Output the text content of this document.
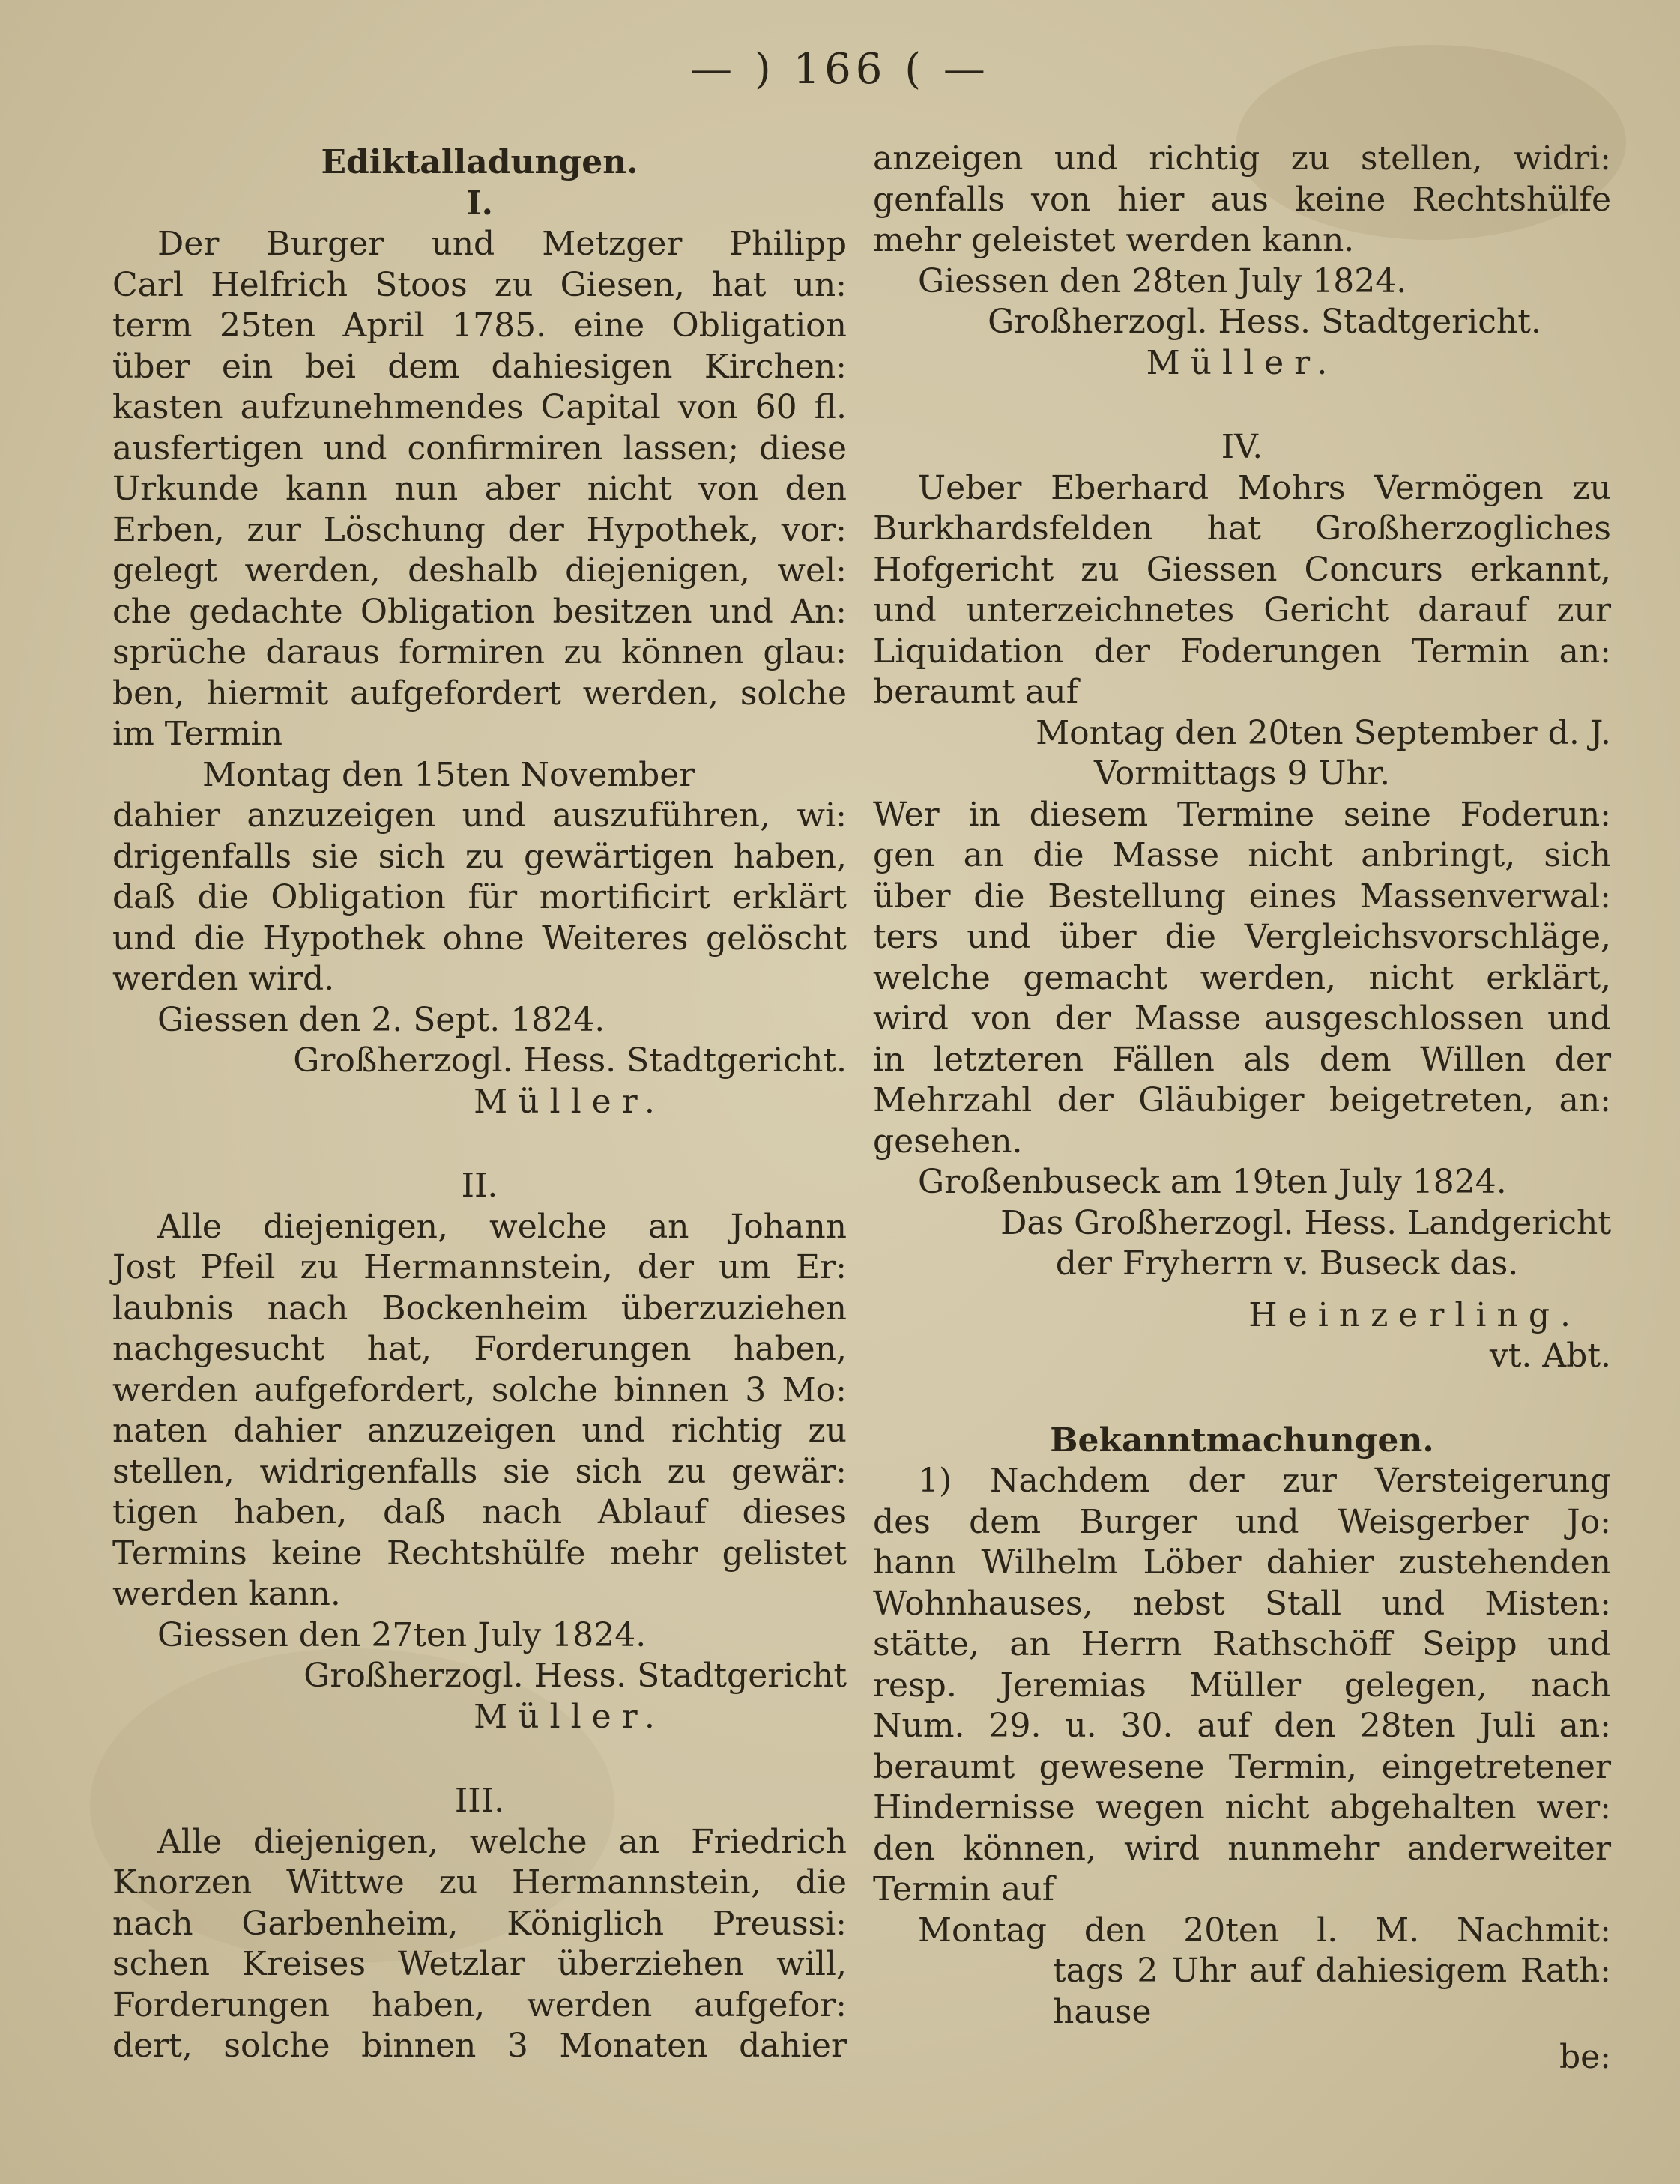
— ) 166 ( —
Ediktalladungen.
I.
Der Burger und Metzger Philipp
Carl Helfrich Stoos zu Giesen, hat un:
term 25ten April 1785. eine Obligation
über ein bei dem dahiesigen Kirchen:
kasten aufzunehmendes Capital von 60 fl.
ausfertigen und confirmiren lassen; diese
Urkunde kann nun aber nicht von den
Erben, zur Löschung der Hypothek, vor:
gelegt werden, deshalb diejenigen, wel:
che gedachte Obligation besitzen und An:
sprüche daraus formiren zu können glau:
ben, hiermit aufgefordert werden, solche
im Termin
Montag den 15ten November
dahier anzuzeigen und auszuführen, wi:
drigenfalls sie sich zu gewärtigen haben,
daß die Obligation für mortificirt erklärt
und die Hypothek ohne Weiteres gelöscht
werden wird.
Giessen den 2. Sept. 1824.
Großherzogl. Hess. Stadtgericht.
Müller.
II.
Alle diejenigen, welche an Johann
Jost Pfeil zu Hermannstein, der um Er:
laubnis nach Bockenheim überzuziehen
nachgesucht hat, Forderungen haben,
werden aufgefordert, solche binnen 3 Mo:
naten dahier anzuzeigen und richtig zu
stellen, widrigenfalls sie sich zu gewär:
tigen haben, daß nach Ablauf dieses
Termins keine Rechtshülfe mehr gelistet
werden kann.
Giessen den 27ten July 1824.
Großherzogl. Hess. Stadtgericht
Müller.
III.
Alle diejenigen, welche an Friedrich
Knorzen Wittwe zu Hermannstein, die
nach Garbenheim, Königlich Preussi:
schen Kreises Wetzlar überziehen will,
Forderungen haben, werden aufgefor:
dert, solche binnen 3 Monaten dahier
anzeigen und richtig zu stellen, widri:
genfalls von hier aus keine Rechtshülfe
mehr geleistet werden kann.
Giessen den 28ten July 1824.
Großherzogl. Hess. Stadtgericht.
Müller.
IV.
Ueber Eberhard Mohrs Vermögen zu
Burkhardsfelden hat Großherzogliches
Hofgericht zu Giessen Concurs erkannt,
und unterzeichnetes Gericht darauf zur
Liquidation der Foderungen Termin an:
beraumt auf
Montag den 20ten September d. J.
Vormittags 9 Uhr.
Wer in diesem Termine seine Foderun:
gen an die Masse nicht anbringt, sich
über die Bestellung eines Massenverwal:
ters und über die Vergleichsvorschläge,
welche gemacht werden, nicht erklärt,
wird von der Masse ausgeschlossen und
in letzteren Fällen als dem Willen der
Mehrzahl der Gläubiger beigetreten, an:
gesehen.
Großenbuseck am 19ten July 1824.
Das Großherzogl. Hess. Landgericht
der Fryherrn v. Buseck das.
Heinzerling.
vt. Abt.
Bekanntmachungen.
1) Nachdem der zur Versteigerung
des dem Burger und Weisgerber Jo:
hann Wilhelm Löber dahier zustehenden
Wohnhauses, nebst Stall und Misten:
stätte, an Herrn Rathschöff Seipp und
resp. Jeremias Müller gelegen, nach
Num. 29. u. 30. auf den 28ten Juli an:
beraumt gewesene Termin, eingetretener
Hindernisse wegen nicht abgehalten wer:
den können, wird nunmehr anderweiter
Termin auf
Montag den 20ten l. M. Nachmit:
tags 2 Uhr auf dahiesigem Rath:
hause
be:
